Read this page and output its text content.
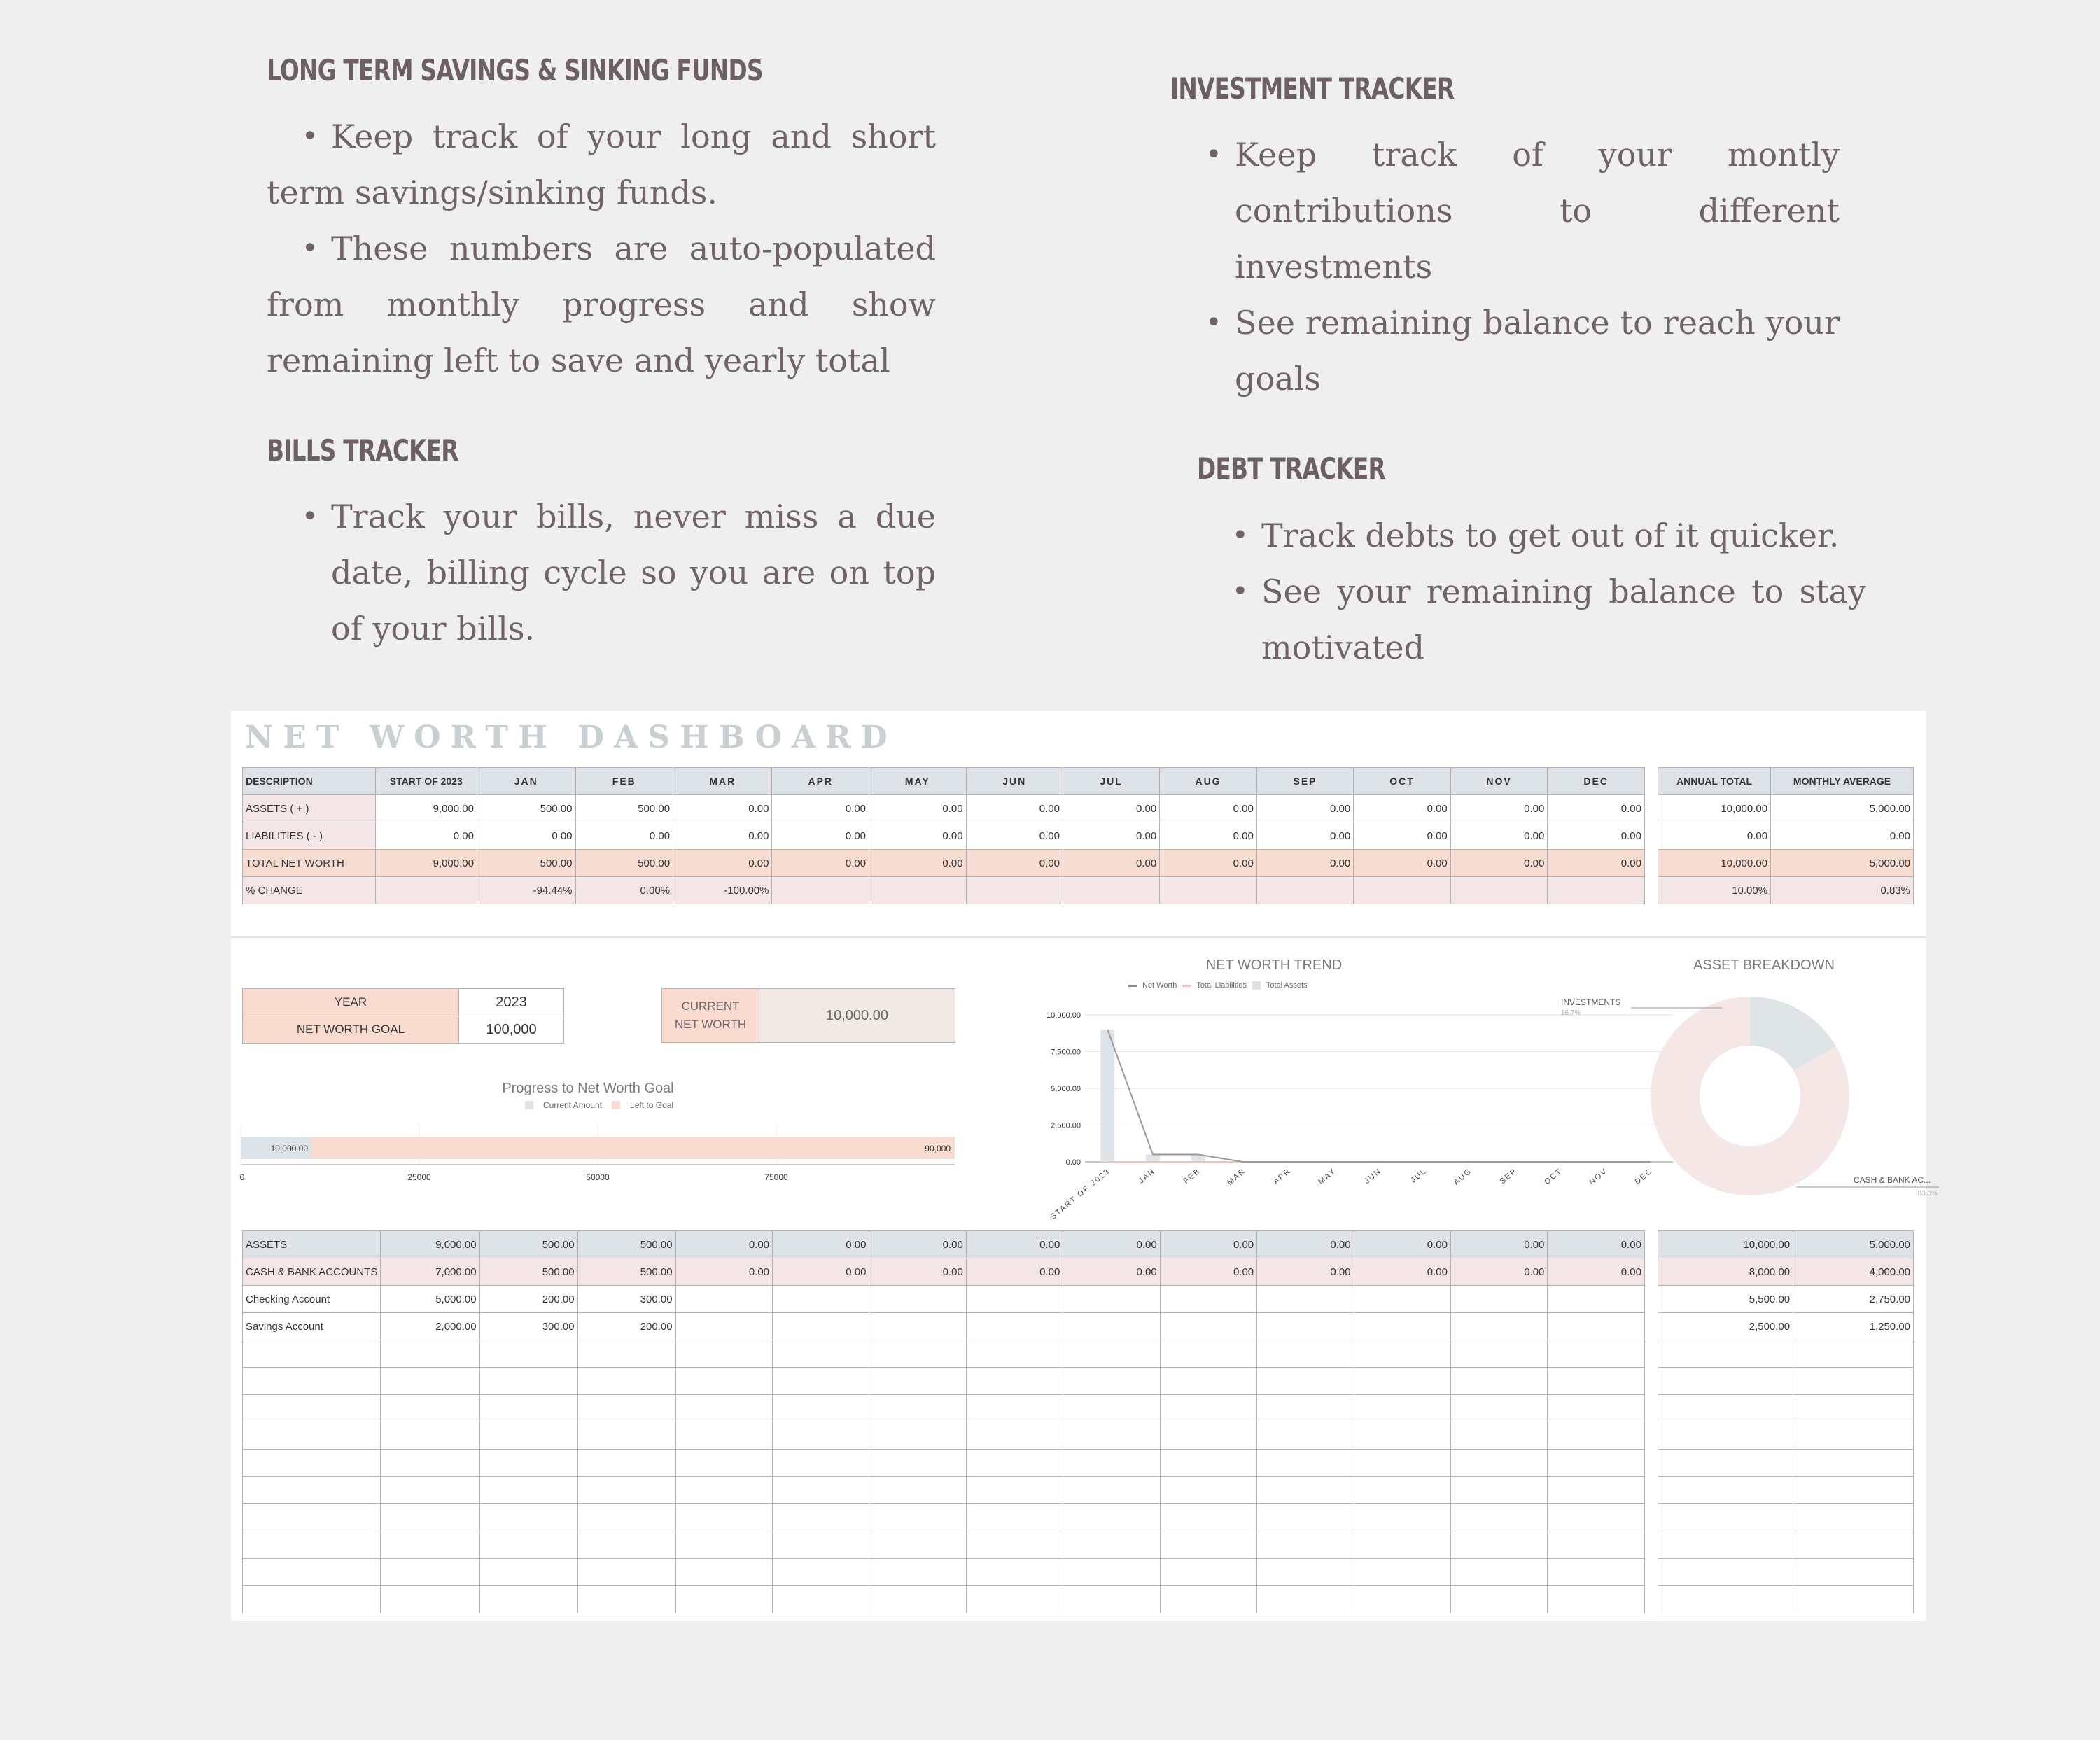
LONG TERM SAVINGS & SINKING FUNDS
• Keep track of your long and short term savings/sinking funds.
• These numbers are auto-populated from monthly progress and show remaining left to save and yearly total
INVESTMENT TRACKER
• Keep track of your montly contributions to different investments
• See remaining balance to reach your goals
BILLS TRACKER
• Track your bills, never miss a due date, billing cycle so you are on top of your bills.
DEBT TRACKER
• Track debts to get out of it quicker.
• See your remaining balance to stay motivated
NET WORTH DASHBOARD
DESCRIPTION	START OF 2023	JAN	FEB	MAR	APR	MAY	JUN	JUL	AUG	SEP	OCT	NOV	DEC
ASSETS ( + )	9,000.00	500.00	500.00	0.00	0.00	0.00	0.00	0.00	0.00	0.00	0.00	0.00	0.00
LIABILITIES ( - )	0.00	0.00	0.00	0.00	0.00	0.00	0.00	0.00	0.00	0.00	0.00	0.00	0.00
TOTAL NET WORTH	9,000.00	500.00	500.00	0.00	0.00	0.00	0.00	0.00	0.00	0.00	0.00	0.00	0.00
% CHANGE		-94.44%	0.00%	-100.00%									
ANNUAL TOTAL	MONTHLY AVERAGE
10,000.00	5,000.00
0.00	0.00
10,000.00	5,000.00
10.00%	0.83%
YEAR	2023
NET WORTH GOAL	100,000
CURRENT
NET WORTH
10,000.00
Progress to Net Worth Goal
Current Amount	Left to Goal
10,000.00	90,000
0	25000	50000	75000
NET WORTH TREND
Net Worth	Total Liabilities	Total Assets
0.00
2,500.00
5,000.00
7,500.00
10,000.00
START OF 2023	JAN	FEB	MAR	APR	MAY	JUN	JUL	AUG	SEP	OCT	NOV	DEC
ASSET BREAKDOWN
INVESTMENTS
16.7%
CASH & BANK AC...
83.3%
ASSETS	9,000.00	500.00	500.00	0.00	0.00	0.00	0.00	0.00	0.00	0.00	0.00	0.00	0.00
CASH & BANK ACCOUNTS	7,000.00	500.00	500.00	0.00	0.00	0.00	0.00	0.00	0.00	0.00	0.00	0.00	0.00
Checking Account	5,000.00	200.00	300.00										
Savings Account	2,000.00	300.00	200.00										

10,000.00	5,000.00
8,000.00	4,000.00
5,500.00	2,750.00
2,500.00	1,250.00
